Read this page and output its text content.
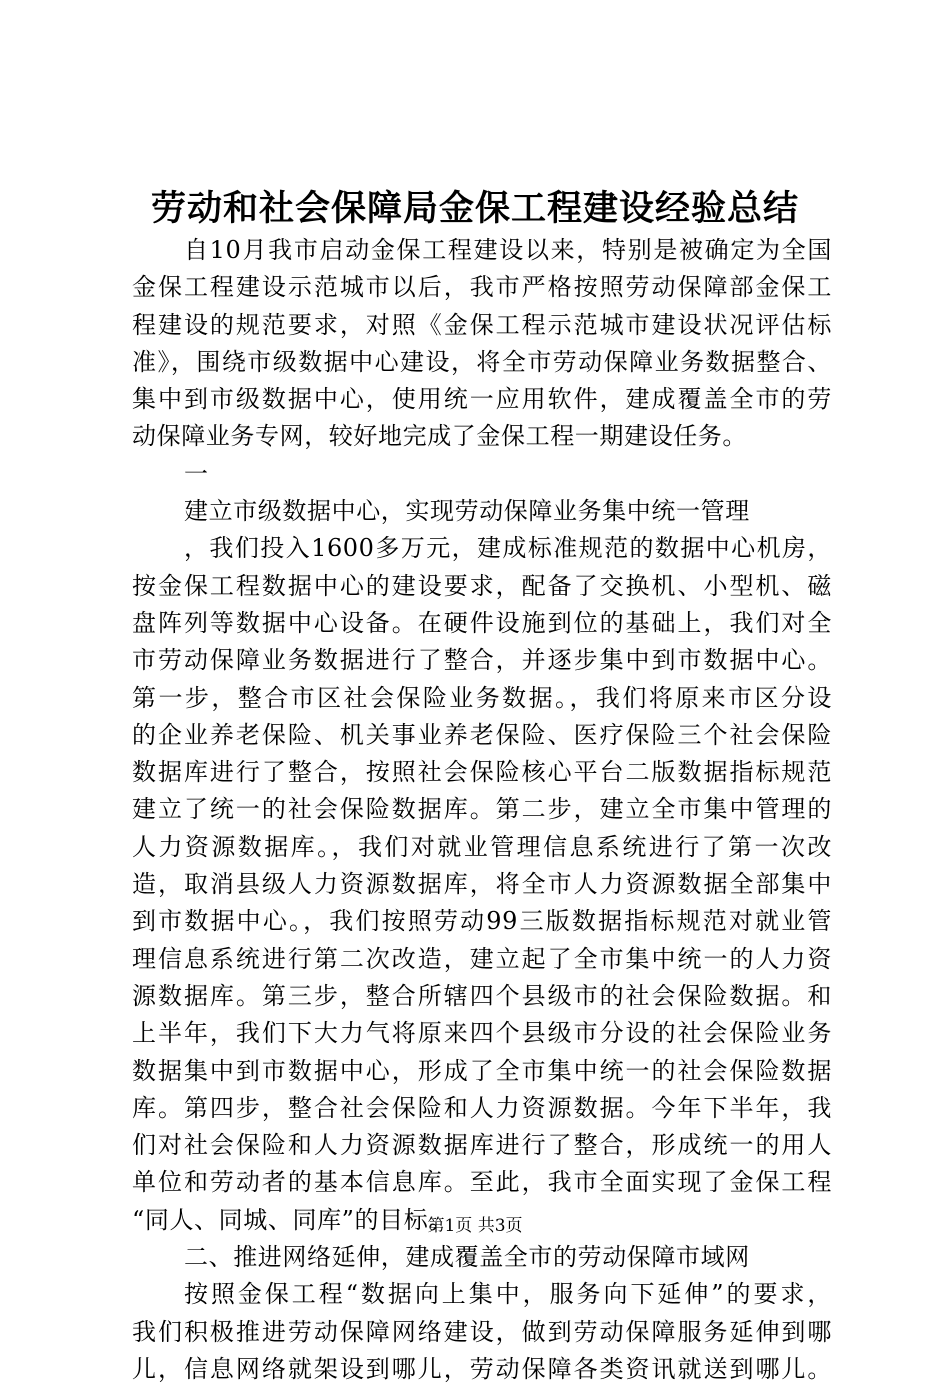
劳动和社会保障局金保工程建设经验总结
自10月我市启动金保工程建设以来，特别是被确定为全国
金保工程建设示范城市以后，我市严格按照劳动保障部金保工
程建设的规范要求，对照《金保工程示范城市建设状况评估标
准》，围绕市级数据中心建设，将全市劳动保障业务数据整合、
集中到市级数据中心，使用统一应用软件，建成覆盖全市的劳
动保障业务专网，较好地完成了金保工程一期建设任务。
一
建立市级数据中心，实现劳动保障业务集中统一管理
，我们投入1600多万元，建成标准规范的数据中心机房，
按金保工程数据中心的建设要求，配备了交换机、小型机、磁
盘阵列等数据中心设备。在硬件设施到位的基础上，我们对全
市劳动保障业务数据进行了整合，并逐步集中到市数据中心。
第一步，整合市区社会保险业务数据。，我们将原来市区分设
的企业养老保险、机关事业养老保险、医疗保险三个社会保险
数据库进行了整合，按照社会保险核心平台二版数据指标规范
建立了统一的社会保险数据库。第二步，建立全市集中管理的
人力资源数据库。，我们对就业管理信息系统进行了第一次改
造，取消县级人力资源数据库，将全市人力资源数据全部集中
到市数据中心。，我们按照劳动99三版数据指标规范对就业管
理信息系统进行第二次改造，建立起了全市集中统一的人力资
源数据库。第三步，整合所辖四个县级市的社会保险数据。和
上半年，我们下大力气将原来四个县级市分设的社会保险业务
数据集中到市数据中心，形成了全市集中统一的社会保险数据
库。第四步，整合社会保险和人力资源数据。今年下半年，我
们对社会保险和人力资源数据库进行了整合，形成统一的用人
单位和劳动者的基本信息库。至此，我市全面实现了金保工程
“同人、同城、同库”的目标。
二、推进网络延伸，建成覆盖全市的劳动保障市域网
按照金保工程“数据向上集中，服务向下延伸”的要求，
我们积极推进劳动保障网络建设，做到劳动保障服务延伸到哪
儿，信息网络就架设到哪儿，劳动保障各类资讯就送到哪儿。
第1页 共3页
